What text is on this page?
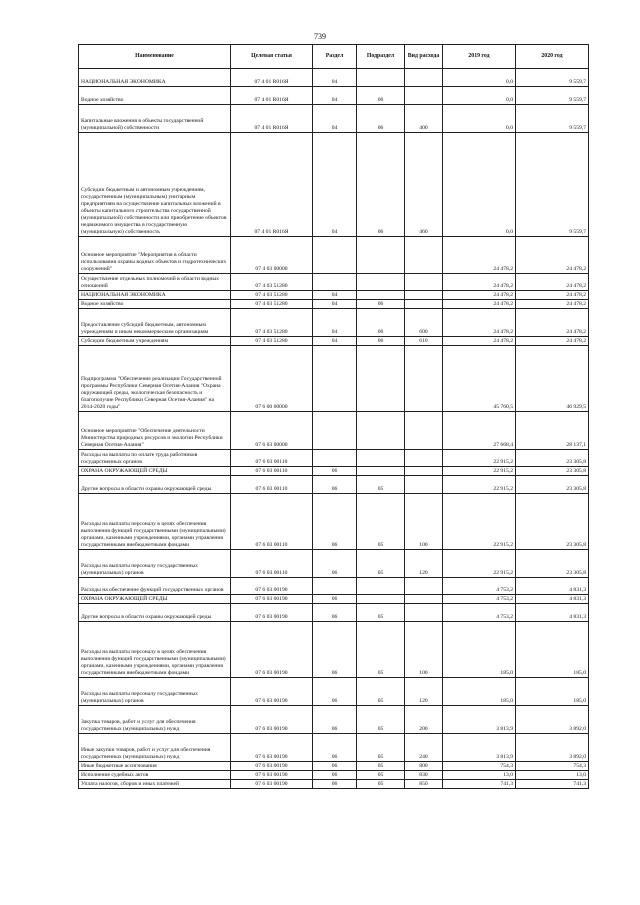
739
Наименование	Целевая статья	Раздел	Подраздел	Вид расхода	2019 год	2020 год
НАЦИОНАЛЬНАЯ ЭКОНОМИКА	07 4 01 R016Я	04			0,0	9 559,7
Водное хозяйство	07 4 01 R016Я	04	06		0,0	9 559,7
Капитальные вложения в объекты государственной (муниципальной) собственности	07 4 01 R016Я	04	06	400	0,0	9 559,7
Субсидии бюджетным и автономным учреждениям, государственным (муниципальным) унитарным предприятиям на осуществление капитальных вложений в объекты капитального строительства государственной (муниципальной) собственности или приобретение объектов недвижимого имущества в государственную (муниципальную) собственность	07 4 01 R016Я	04	06	460	0,0	9 559,7
Основное мероприятие "Мероприятия в области использования охраны водных объектов и гидротехнических сооружений"	07 4 03 00000				24 478,2	24 478,2
Осуществление отдельных полномочий в области водных отношений	07 4 03 51280				24 478,2	24 478,2
НАЦИОНАЛЬНАЯ ЭКОНОМИКА	07 4 03 51280	04			24 478,2	24 478,2
Водное хозяйство	07 4 03 51280	04	06		24 478,2	24 478,2
Предоставление субсидий бюджетным, автономным учреждениям и иным некоммерческим организациям	07 4 03 51280	04	06	600	24 478,2	24 478,2
Субсидии бюджетным учреждениям	07 4 03 51280	04	06	610	24 478,2	24 478,2
Подпрограмма "Обеспечение реализации Государственной программы Республики Северная Осетия-Алания "Охрана окружающей среды, экологическая безопасность и благополучие Республики Северная Осетия-Алания" на 2014-2020 годы"	07 6 00 00000				45 760,5	46 929,5
Основное мероприятие "Обеспечение деятельности Министерства природных ресурсов и экологии Республики Северная Осетия-Алания"	07 6 03 00000				27 668,4	28 137,1
Расходы на выплаты по оплате труда работников государственных органов	07 6 03 00110				22 915,2	23 305,8
ОХРАНА ОКРУЖАЮЩЕЙ СРЕДЫ	07 6 03 00110	06			22 915,2	23 305,8
Другие вопросы в области охраны окружающей среды	07 6 03 00110	06	05		22 915,2	23 305,8
Расходы на выплаты персоналу в целях обеспечения выполнения функций государственными (муниципальными) органами, казенными учреждениями, органами управления государственными внебюджетными фондами	07 6 03 00110	06	05	100	22 915,2	23 305,8
Расходы на выплаты персоналу государственных (муниципальных) органов	07 6 03 00110	06	05	120	22 915,2	23 305,8
Расходы на обеспечение функций государственных органов	07 6 03 00190				4 753,2	4 831,3
ОХРАНА ОКРУЖАЮЩЕЙ СРЕДЫ	07 6 03 00190	06			4 753,2	4 831,3
Другие вопросы в области охраны окружающей среды	07 6 03 00190	06	05		4 753,2	4 831,3
Расходы на выплаты персоналу в целях обеспечения выполнения функций государственными (муниципальными) органами, казенными учреждениями, органами управления государственными внебюджетными фондами	07 6 03 00190	06	05	100	185,0	185,0
Расходы на выплаты персоналу государственных (муниципальных) органов	07 6 03 00190	06	05	120	185,0	185,0
Закупка товаров, работ и услуг для обеспечения государственных (муниципальных) нужд	07 6 03 00190	06	05	200	3 813,9	3 892,0
Иные закупки товаров, работ и услуг для обеспечения государственных (муниципальных) нужд	07 6 03 00190	06	05	240	3 813,9	3 892,0
Иные бюджетные ассигнования	07 6 03 00190	06	05	800	754,3	754,3
Исполнение судебных актов	07 6 03 00190	06	05	830	13,0	13,0
Уплата налогов, сборов и иных платежей	07 6 03 00190	06	05	850	741,3	741,3
